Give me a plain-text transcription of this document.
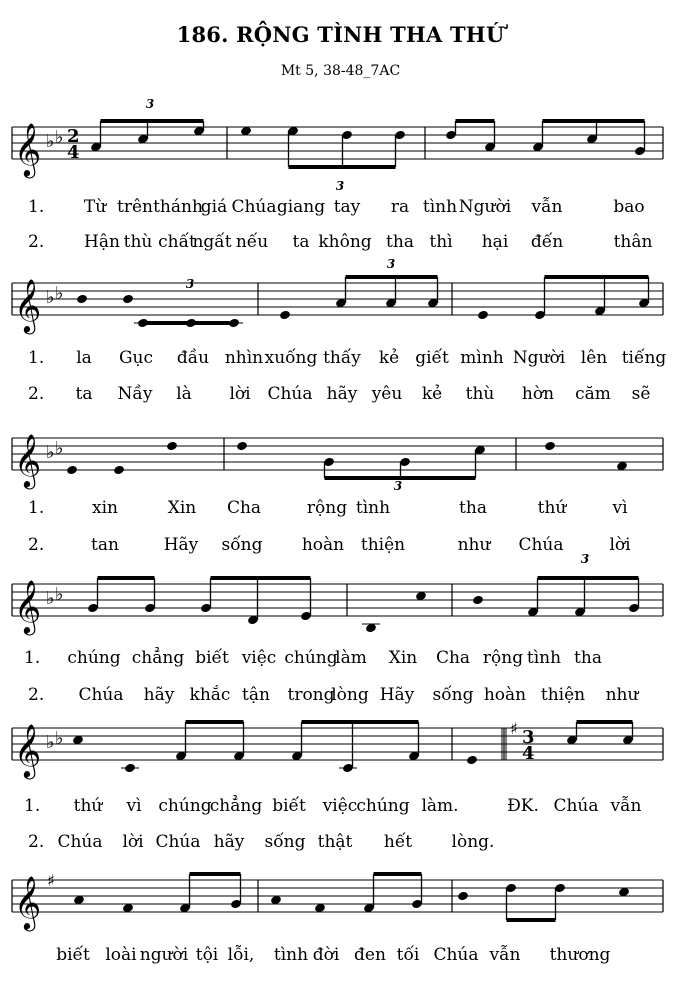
186. RỘNG TÌNH THA THỨ
Mt 5, 38-48_7AC
𝄞 ♭ ♭ 2
4
3
3
1. Từ trên thánh
giá Chúa giang tay ra tình Người vẫn	bao
2. Hận thù chất
ngất nếu ta không tha thì hại đến	thân
𝄞 ♭ ♭	3
3
1. la Gục đầu nhìn xuống thấy kẻ giết mình Người lên tiếng
2. ta Nầy là lời Chúa hãy yêu kẻ thù hờn căm sẽ
𝄞 ♭ ♭
3
1.	xin	Xin Cha	rộng tình	tha	thứ	vì
2.	tan	Hãy sống hoàn thiện	như Chúa	lời
𝄞 ♭ ♭
3
1. chúng chẳng biết việc chúng
làm Xin Cha rộng tình tha
2. Chúa hãy khắc tận trong
lòng Hãy sống hoàn thiện như
𝄞 ♭ ♭	♯ 3
4
1. thứ vì chúng
chẳng biết việc chúng làm.	ĐK. Chúa vẫn
2. Chúa lời Chúa hãy sống thật hết lòng.
𝄞 ♯
biết loài người tội lỗi, tình đời đen tối Chúa vẫn thương
